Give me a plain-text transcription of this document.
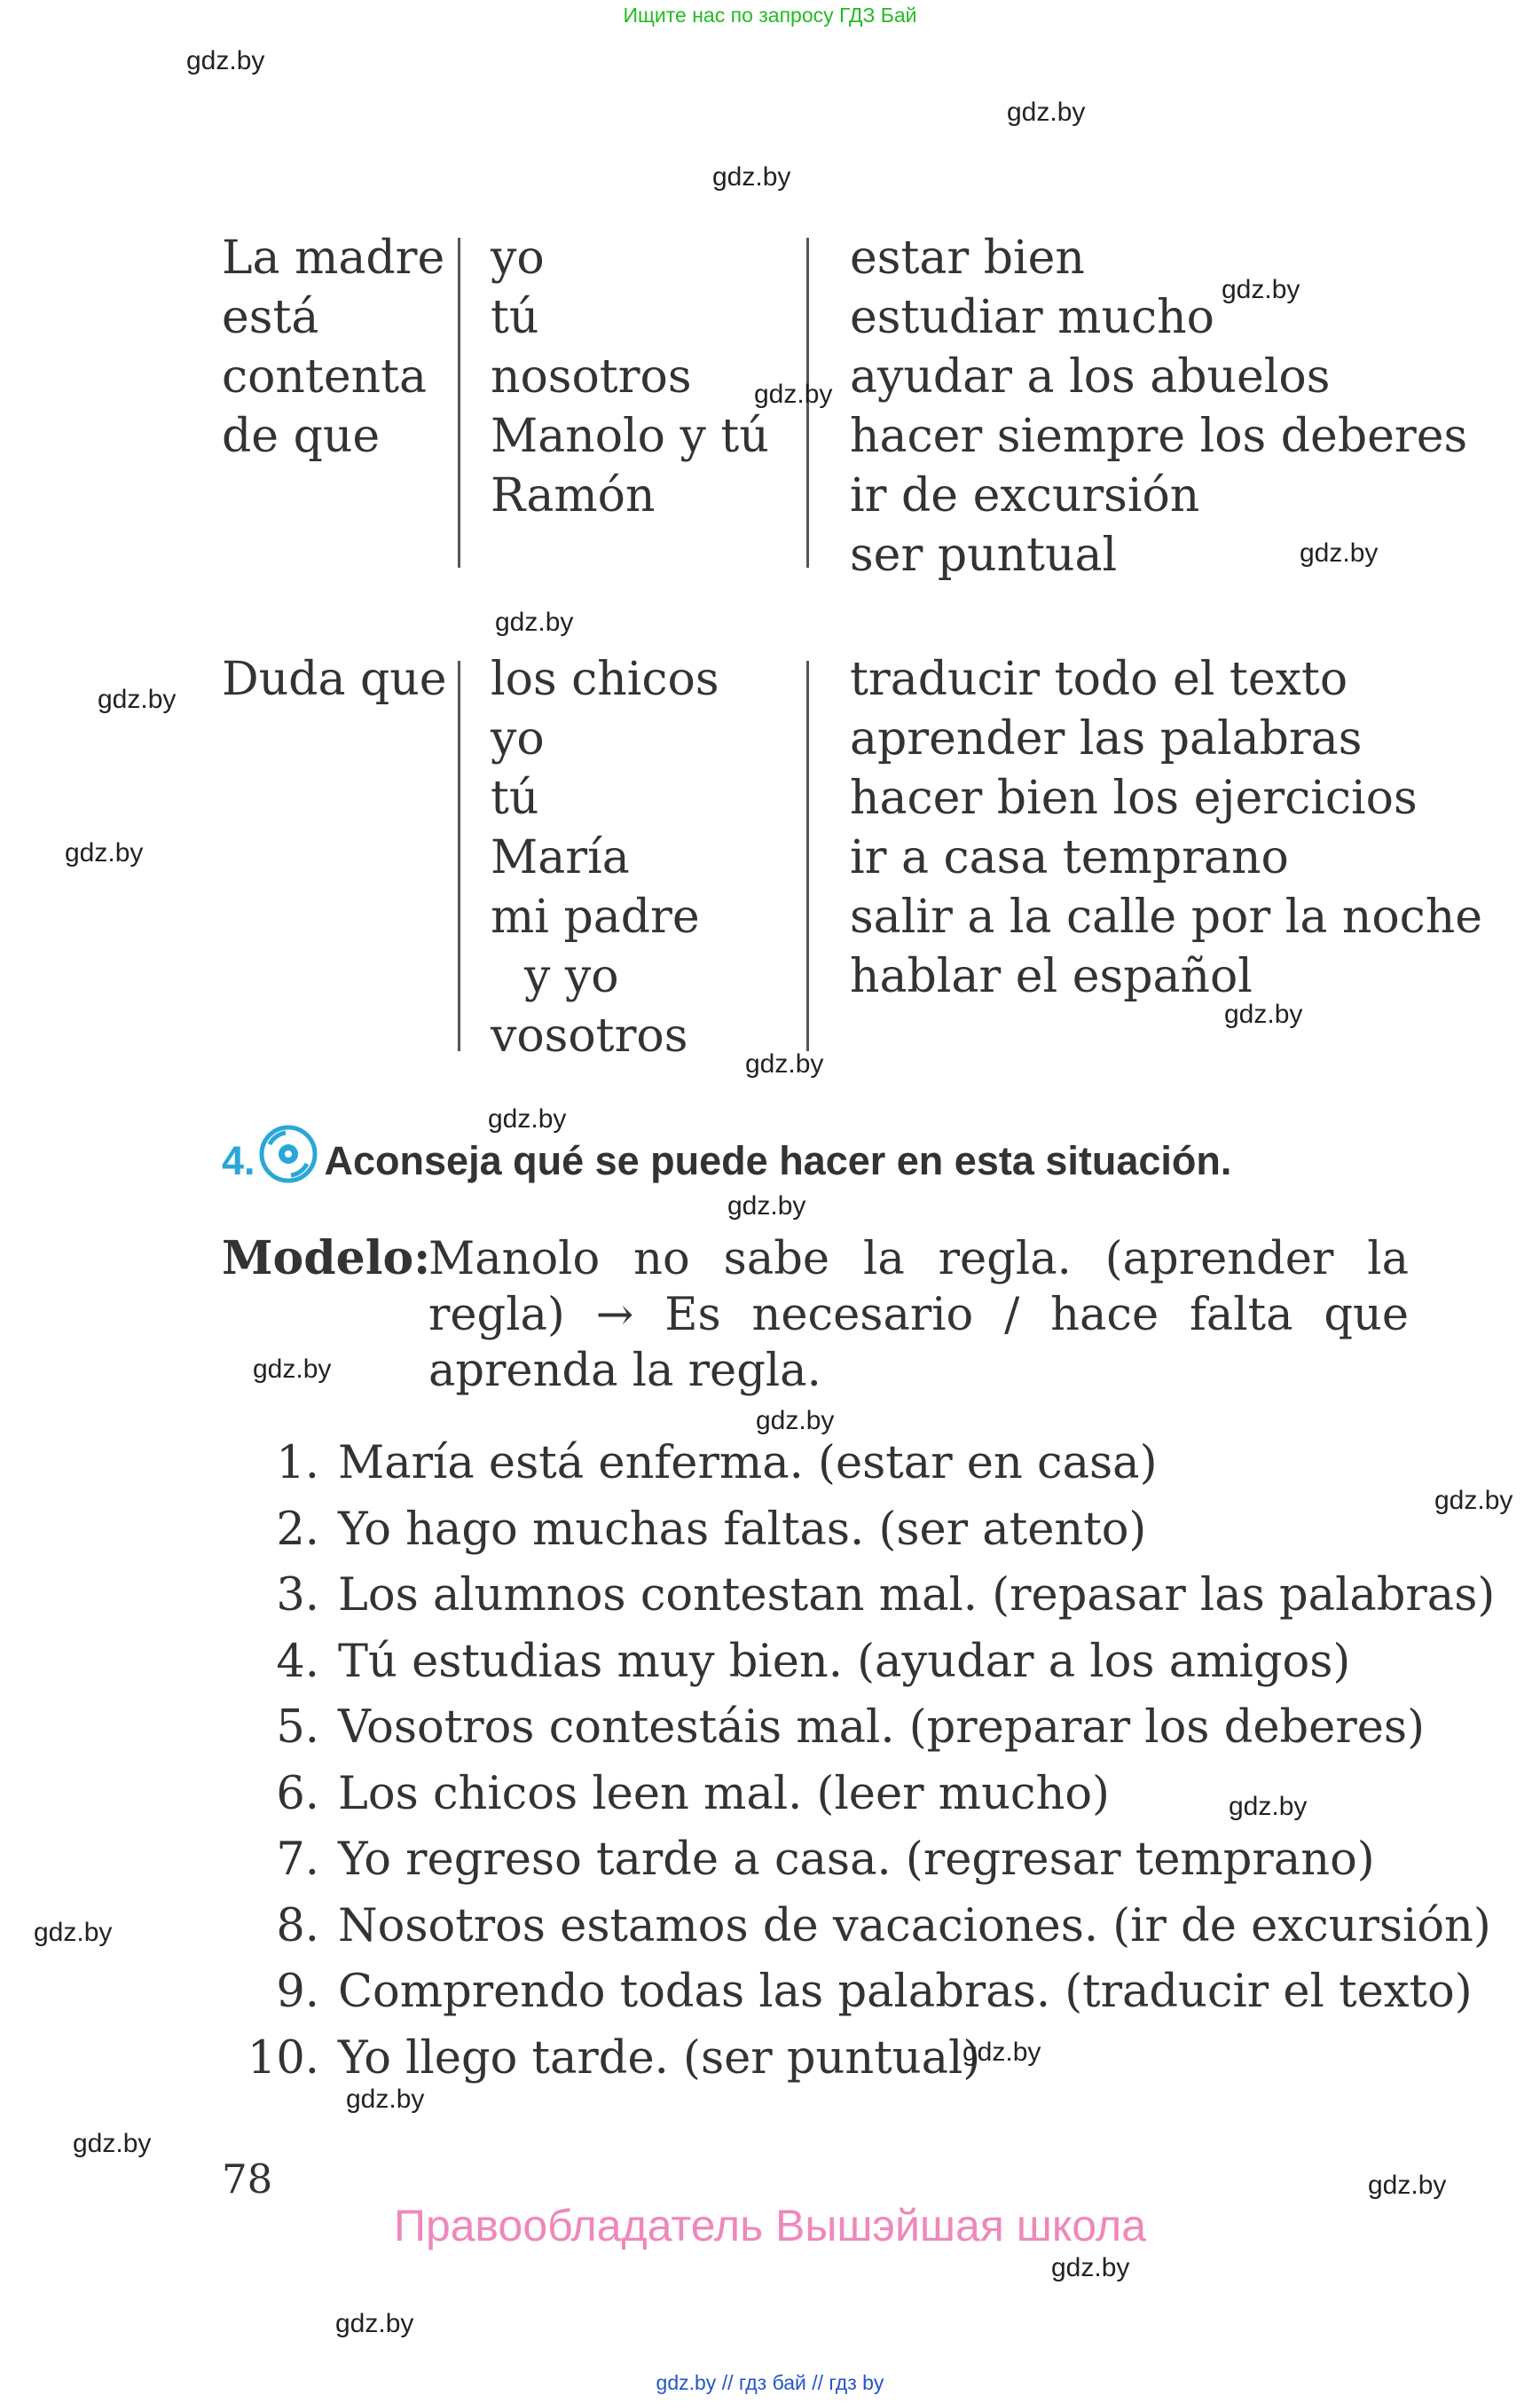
Ищите нас по запросу ГДЗ Бай
La madre
está
contenta
de que
yo
tú
nosotros
Manolo y tú
Ramón
estar bien
estudiar mucho
ayudar a los abuelos
hacer siempre los deberes
ir de excursión
ser puntual
Duda que los chicos
yo
tú
María
mi padre
y yo
vosotros
traducir todo el texto
aprender las palabras
hacer bien los ejercicios
ir a casa temprano
salir a la calle por la noche
hablar el español
4. Aconseja qué se puede hacer en esta situación.
Modelo:
Manolo no sabe la regla. (aprender la regla) → Es necesario / hace falta que aprenda la regla.
1. María está enferma. (estar en casa)
2. Yo hago muchas faltas. (ser atento)
3. Los alumnos contestan mal. (repasar las palabras)
4. Tú estudias muy bien. (ayudar a los amigos)
5. Vosotros contestáis mal. (preparar los deberes)
6. Los chicos leen mal. (leer mucho)
7. Yo regreso tarde a casa. (regresar temprano)
8. Nosotros estamos de vacaciones. (ir de excursión)
9. Comprendo todas las palabras. (traducir el texto)
10. Yo llego tarde. (ser puntual)
78
Правообладатель Вышэйшая школа
gdz.by // гдз бай // гдз by
gdz.by
gdz.by
gdz.by
gdz.by
gdz.by
gdz.by
gdz.by
gdz.by
gdz.by
gdz.by
gdz.by
gdz.by
gdz.by
gdz.by
gdz.by
gdz.by
gdz.by
gdz.by
gdz.by
gdz.by
gdz.by
gdz.by
gdz.by
gdz.by
